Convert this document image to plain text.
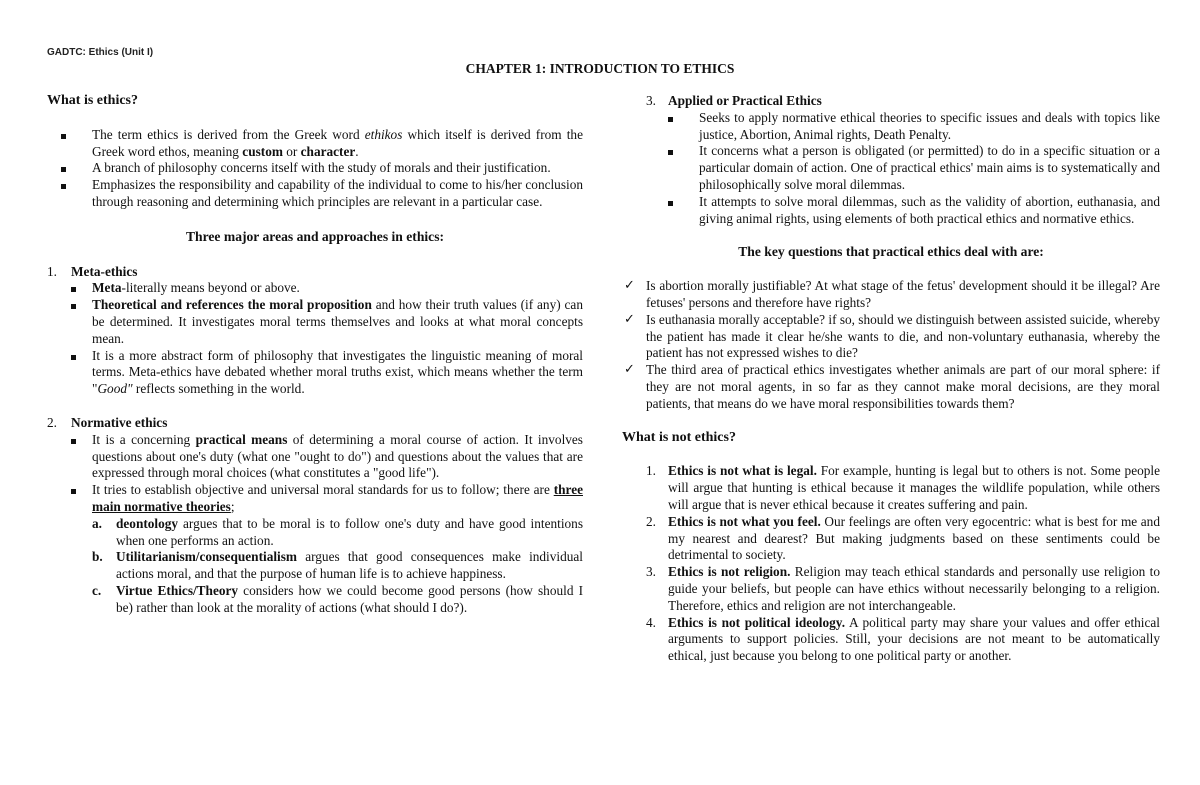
GADTC: Ethics (Unit I)
CHAPTER 1: INTRODUCTION TO ETHICS

What is ethics?

The term ethics is derived from the Greek word ethikos which itself is derived from the Greek word ethos, meaning custom or character.
A branch of philosophy concerns itself with the study of morals and their justification.
Emphasizes the responsibility and capability of the individual to come to his/her conclusion through reasoning and determining which principles are relevant in a particular case.

Three major areas and approaches in ethics:

1.	Meta-ethics
Meta-literally means beyond or above.
Theoretical and references the moral proposition and how their truth values (if any) can be determined. It investigates moral terms themselves and looks at what moral concepts mean.
It is a more abstract form of philosophy that investigates the linguistic meaning of moral terms. Meta-ethics have debated whether moral truths exist, which means whether the term "Good" reflects something in the world.
2.	Normative ethics
It is a concerning practical means of determining a moral course of action. It involves questions about one's duty (what one "ought to do") and questions about the values that are expressed through moral choices (what constitutes a "good life").
It tries to establish objective and universal moral standards for us to follow; there are three main normative theories;
a.	deontology argues that to be moral is to follow one's duty and have good intentions when one performs an action.
b. Utilitarianism/consequentialism argues that good consequences make individual actions moral, and that the purpose of human life is to achieve happiness.
c.	Virtue Ethics/Theory considers how we could become good persons (how should I be) rather than look at the morality of actions (what should I do?).
3. Applied or Practical Ethics
Seeks to apply normative ethical theories to specific issues and deals with topics like justice, Abortion, Animal rights, Death Penalty.
It concerns what a person is obligated (or permitted) to do in a specific situation or a particular domain of action. One of practical ethics' main aims is to systematically and philosophically solve moral dilemmas.
It attempts to solve moral dilemmas, such as the validity of abortion, euthanasia, and giving animal rights, using elements of both practical ethics and normative ethics.

The key questions that practical ethics deal with are:

✓ Is abortion morally justifiable? At what stage of the fetus' development should it be illegal? Are fetuses' persons and therefore have rights?
✓ Is euthanasia morally acceptable? if so, should we distinguish between assisted suicide, whereby the patient has made it clear he/she wants to die, and non-voluntary euthanasia, whereby the patient has not expressed wishes to die?
✓ The third area of practical ethics investigates whether animals are part of our moral sphere: if they are not moral agents, in so far as they cannot make moral decisions, are they moral patients, that means do we have moral responsibilities towards them?

What is not ethics?

1. Ethics is not what is legal. For example, hunting is legal but to others is not. Some people will argue that hunting is ethical because it manages the wildlife population, while others will argue that is never ethical because it creates suffering and pain.
2. Ethics is not what you feel. Our feelings are often very egocentric: what is best for me and my nearest and dearest? But making judgments based on these sentiments could be detrimental to society.
3. Ethics is not religion. Religion may teach ethical standards and personally use religion to guide your beliefs, but people can have ethics without necessarily belonging to a religion. Therefore, ethics and religion are not interchangeable.
4. Ethics is not political ideology. A political party may share your values and offer ethical arguments to support policies. Still, your decisions are not meant to be automatically ethical, just because you belong to one political party or another.
